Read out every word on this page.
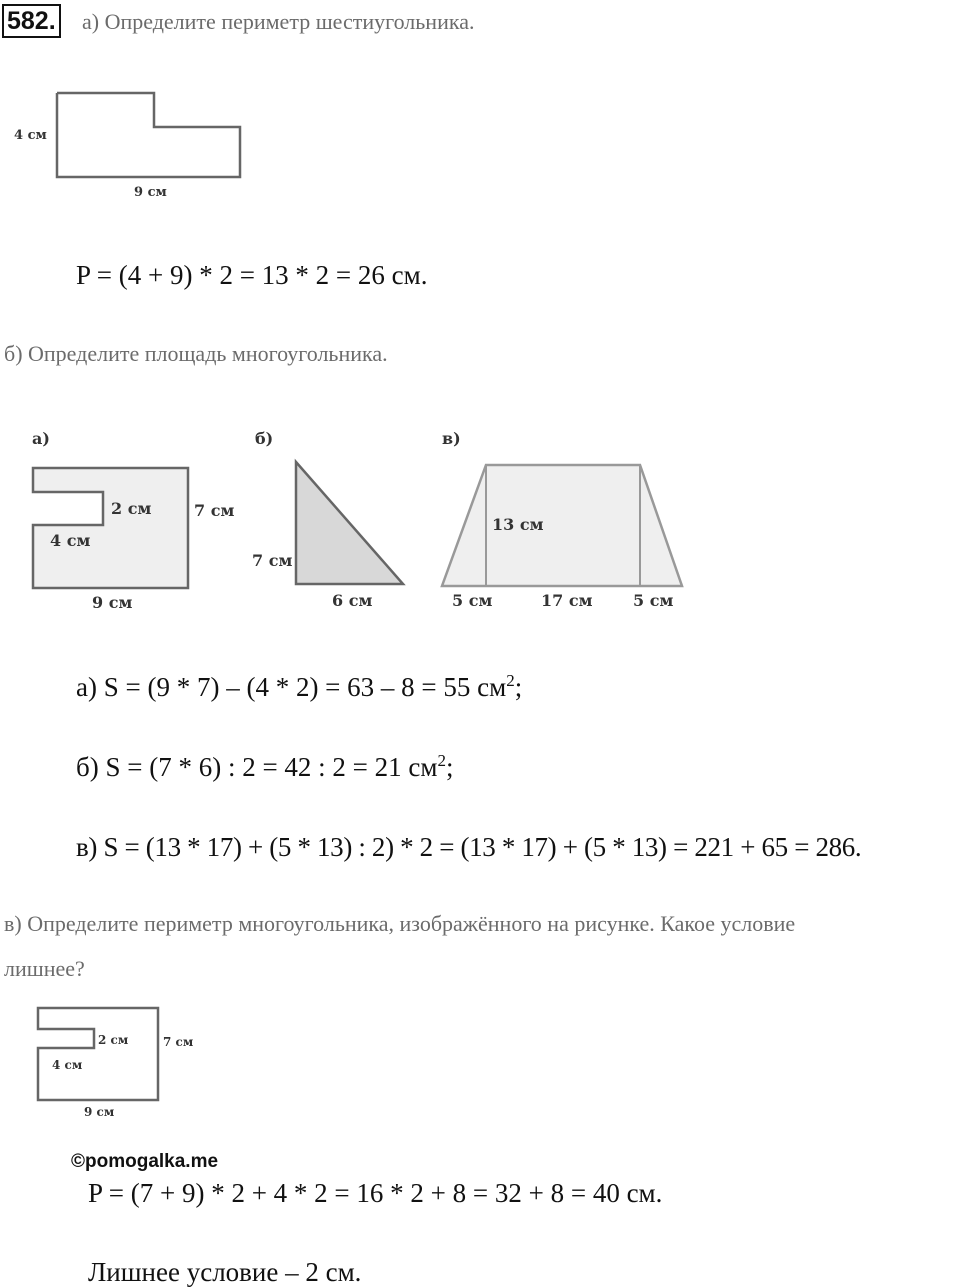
582. а) Определите периметр шестиугольника.
4 см
9 см
P = (4 + 9) * 2 = 13 * 2 = 26 см.
б) Определите площадь многоугольника.
а)
2 см	7 см
4 см
9 см
б)
7 см
6 см
в)
13 см
5 см	17 см	5 см
а) S = (9 * 7) – (4 * 2) = 63 – 8 = 55 $см^2$;
б) S = (7 * 6) : 2 = 42 : 2 = 21 $см^2$;
в) S = (13 * 17) + (5 * 13) : 2) * 2 = (13 * 17) + (5 * 13) = 221 + 65 = 286.
в) Определите периметр многоугольника, изображённого на рисунке. Какое условие
лишнее?
2 см	7 см
4 см
9 см
©pomogalka.me
P = (7 + 9) * 2 + 4 * 2 = 16 * 2 + 8 = 32 + 8 = 40 см.
Лишнее условие – 2 см.
